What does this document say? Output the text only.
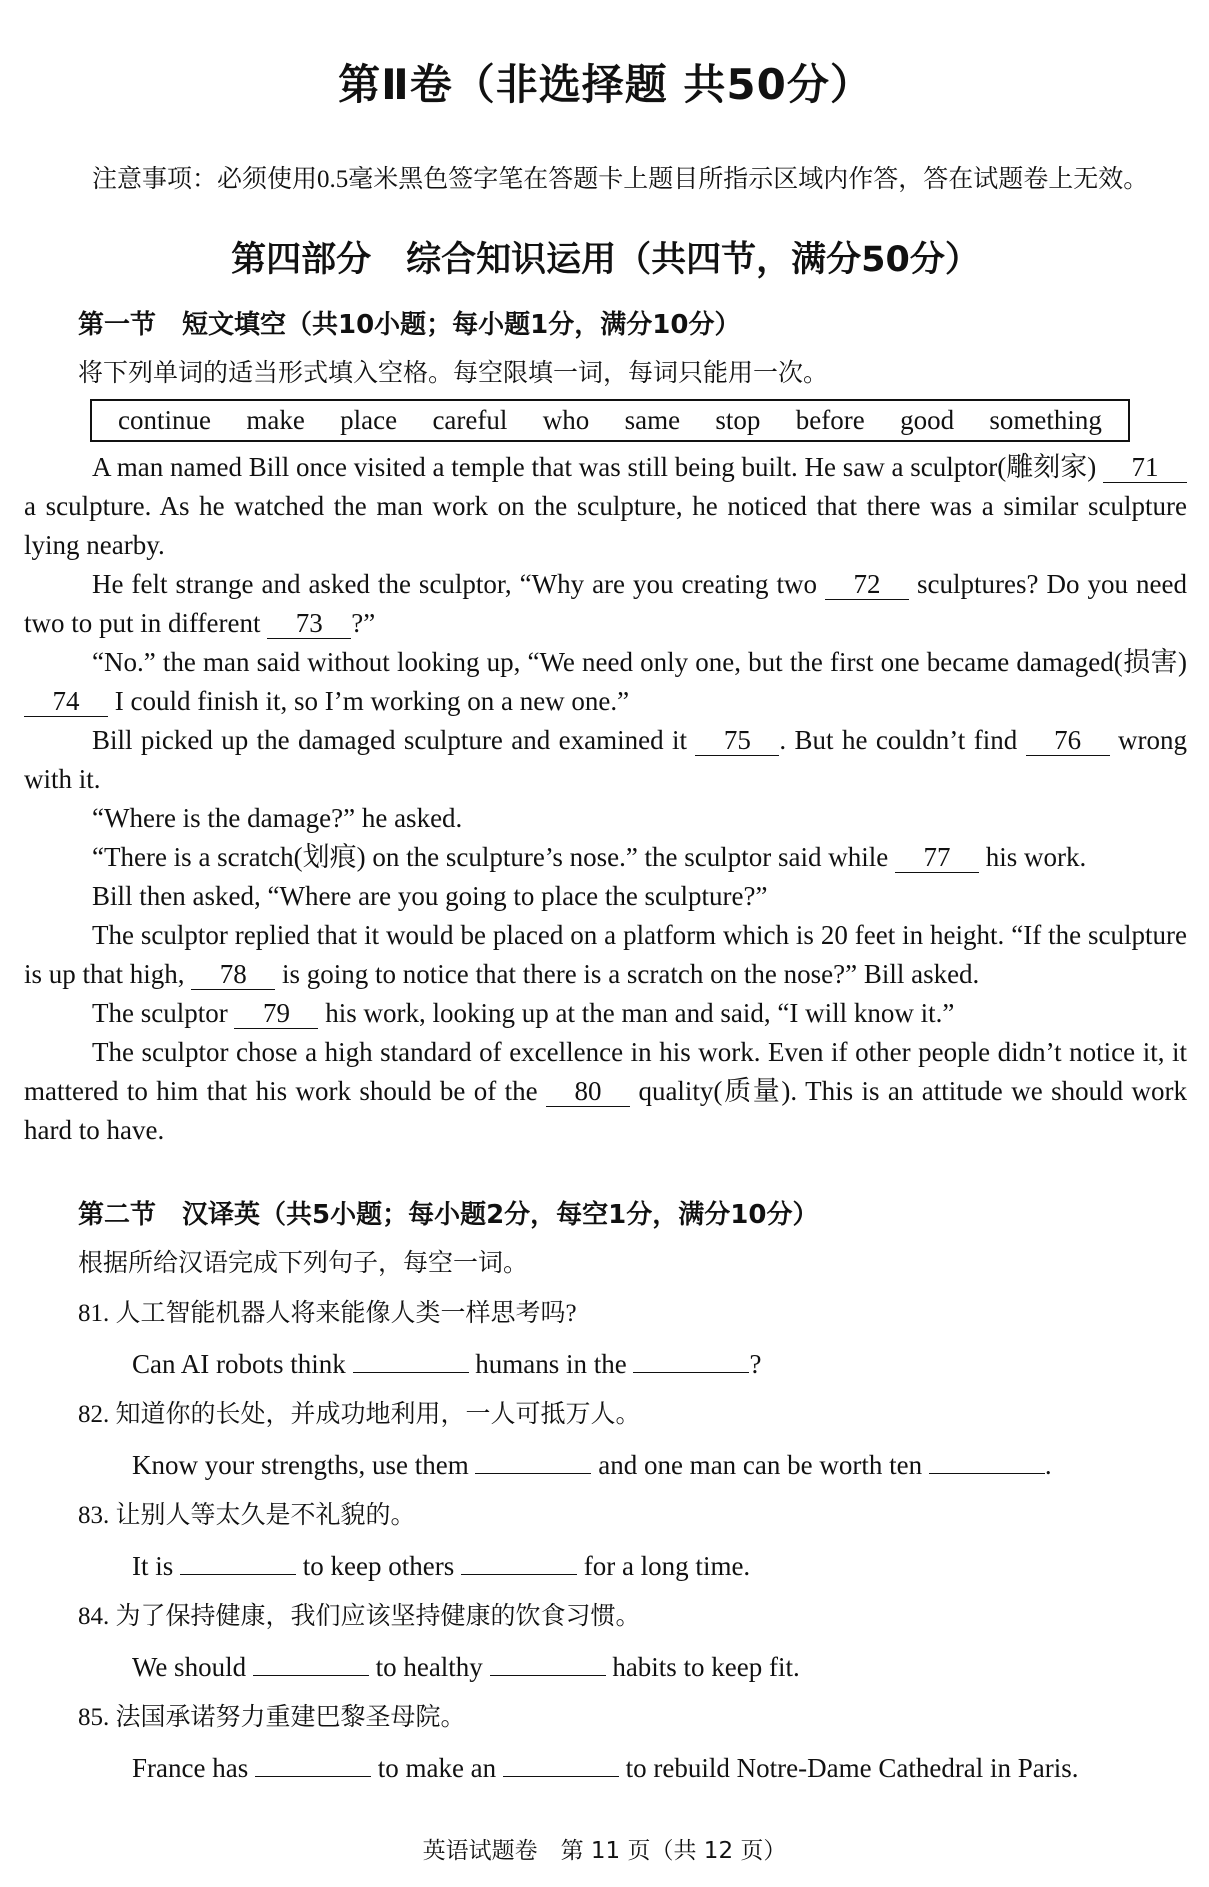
第Ⅱ卷（非选择题 共50分）
注意事项：必须使用0.5毫米黑色签字笔在答题卡上题目所指示区域内作答，答在试题卷上无效。
第四部分　综合知识运用（共四节，满分50分）
第一节　短文填空（共10小题；每小题1分，满分10分）
将下列单词的适当形式填入空格。每空限填一词，每词只能用一次。
continue make place careful who same stop before good something

A man named Bill once visited a temple that was still being built. He saw a sculptor(雕刻家) 71 a sculpture. As he watched the man work on the sculpture, he noticed that there was a similar sculpture lying nearby.

He felt strange and asked the sculptor, “Why are you creating two 72 sculptures? Do you need two to put in different 73 ?”

“No.” the man said without looking up, “We need only one, but the first one became damaged(损害) 74 I could finish it, so I’m working on a new one.”

Bill picked up the damaged sculpture and examined it 75 . But he couldn’t find 76 wrong with it.

“Where is the damage?” he asked.

“There is a scratch(划痕) on the sculpture’s nose.” the sculptor said while 77 his work.

Bill then asked, “Where are you going to place the sculpture?”

The sculptor replied that it would be placed on a platform which is 20 feet in height. “If the sculpture is up that high, 78 is going to notice that there is a scratch on the nose?” Bill asked.

The sculptor 79 his work, looking up at the man and said, “I will know it.”

The sculptor chose a high standard of excellence in his work. Even if other people didn’t notice it, it mattered to him that his work should be of the 80 quality(质量). This is an attitude we should work hard to have.

第二节　汉译英（共5小题；每小题2分，每空1分，满分10分）
根据所给汉语完成下列句子，每空一词。
81. 人工智能机器人将来能像人类一样思考吗?
Can AI robots think	humans in the	?
82. 知道你的长处，并成功地利用，一人可抵万人。
Know your strengths, use them	and one man can be worth ten	.
83. 让别人等太久是不礼貌的。
It is	to keep others	for a long time.
84. 为了保持健康，我们应该坚持健康的饮食习惯。
We should	to healthy	habits to keep fit.
85. 法国承诺努力重建巴黎圣母院。
France has	to make an	to rebuild Notre-Dame Cathedral in Paris.
英语试题卷　第 11 页（共 12 页）
